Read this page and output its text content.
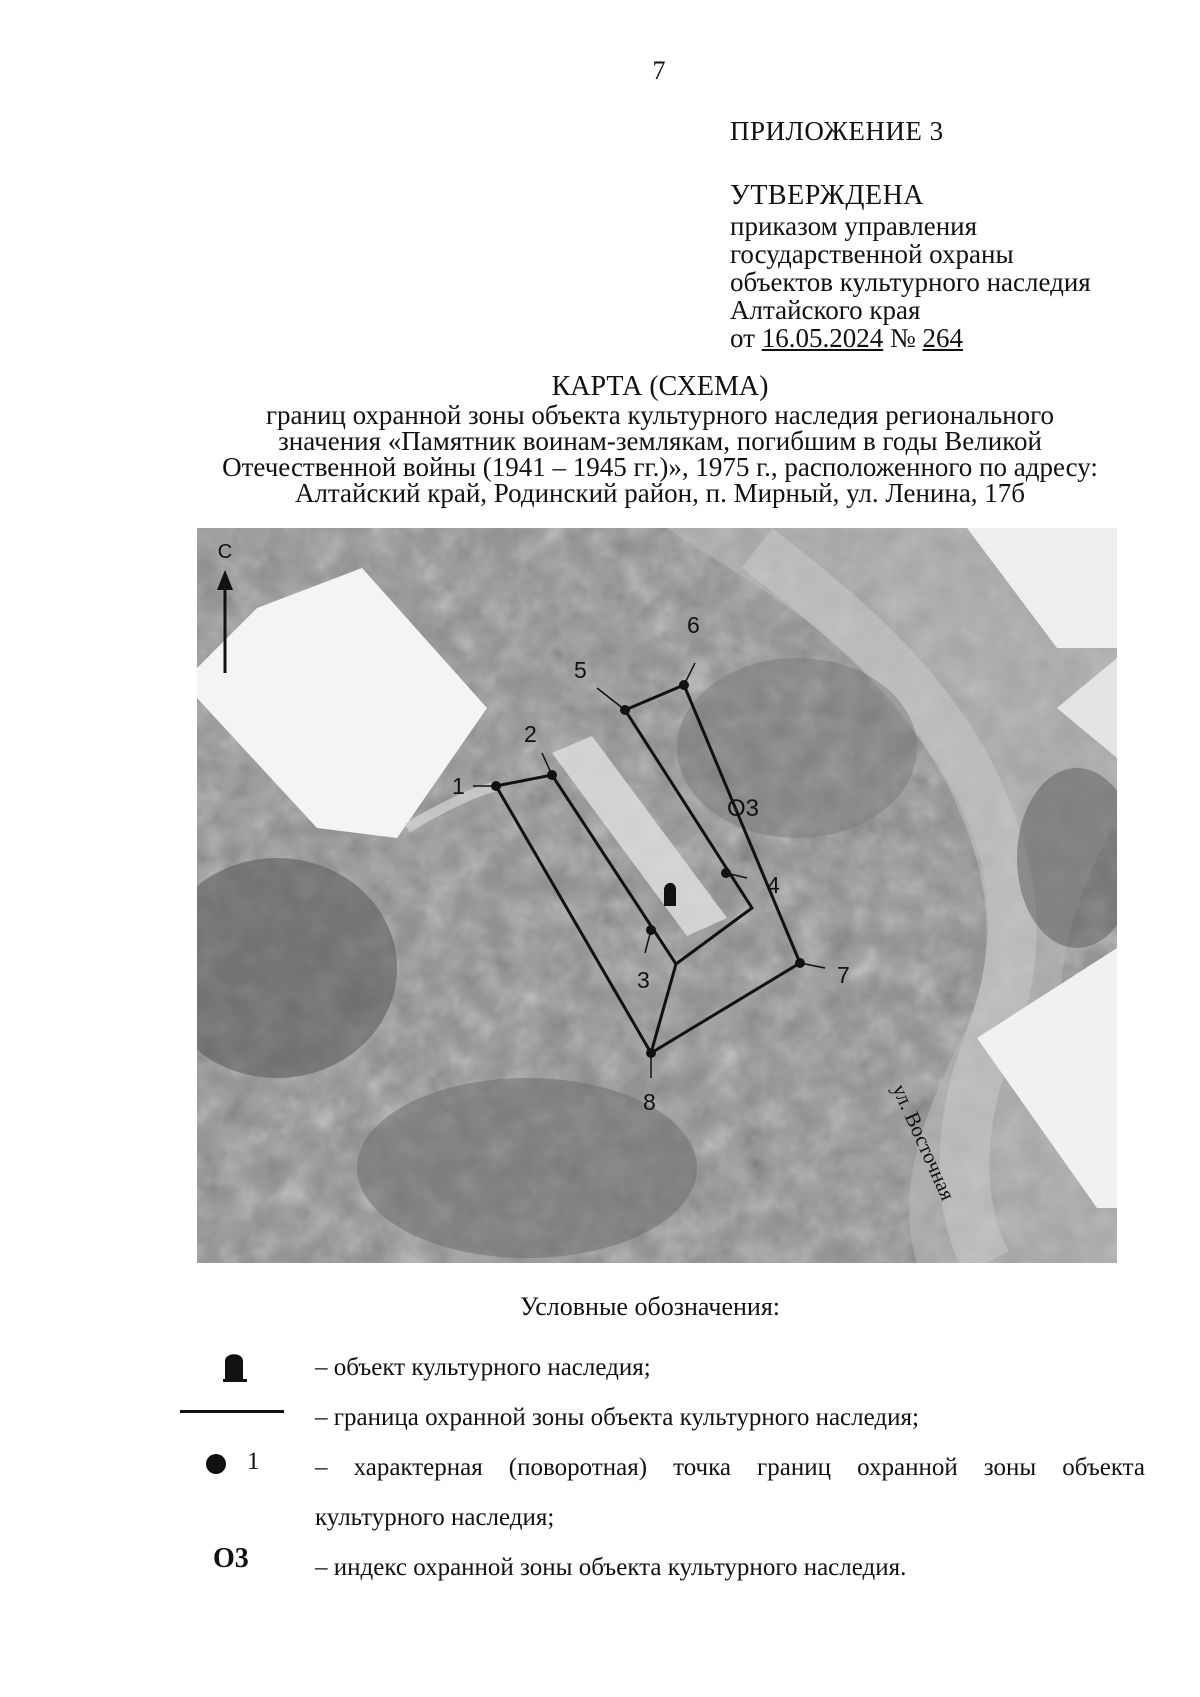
7
ПРИЛОЖЕНИЕ 3
УТВЕРЖДЕНА
приказом управления
государственной охраны
объектов культурного наследия
Алтайского края
от 16.05.2024 № 264
КАРТА (СХЕМА)
границ охранной зоны объекта культурного наследия регионального
значения «Памятник воинам-землякам, погибшим в годы Великой
Отечественной войны (1941 – 1945 гг.)», 1975 г., расположенного по адресу:
Алтайский край, Родинский район, п. Мирный, ул. Ленина, 17б
С
О3
ул. Восточная
1
2
3
4
5
6
7
8
Условные обозначения:
– объект культурного наследия;
– граница охранной зоны объекта культурного наследия;
1 – характерная (поворотная) точка границ охранной зоны объекта
культурного наследия;
О3	– индекс охранной зоны объекта культурного наследия.
